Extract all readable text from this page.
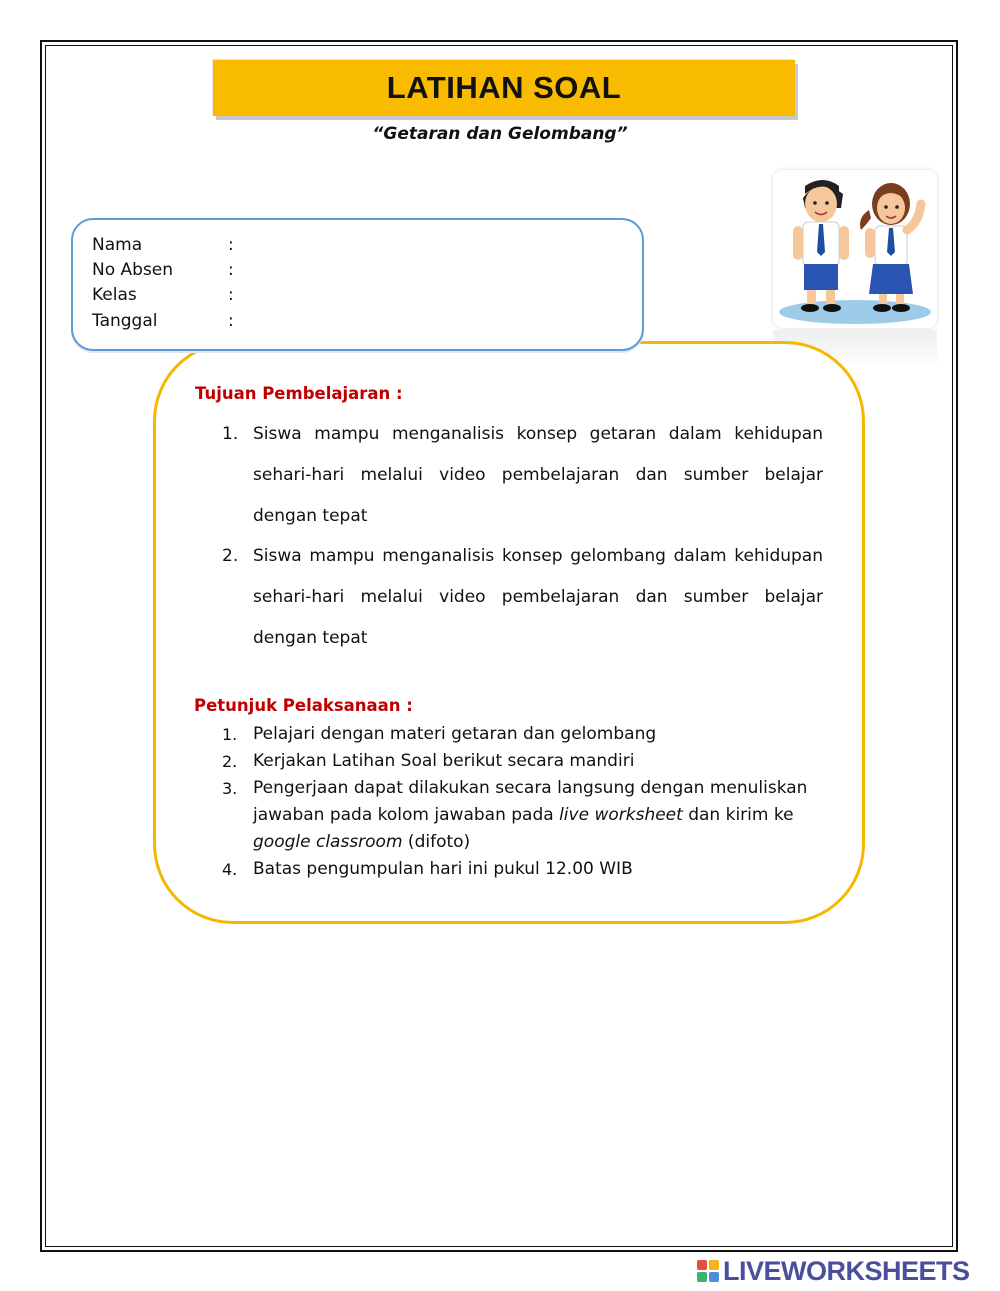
LATIHAN SOAL
“Getaran dan Gelombang”
Nama	:
No Absen	:
Kelas	:
Tanggal	:
Tujuan Pembelajaran :
1. Siswa mampu menganalisis konsep getaran dalam kehidupan sehari-hari melalui video pembelajaran dan sumber belajar dengan tepat
2. Siswa mampu menganalisis konsep gelombang dalam kehidupan sehari-hari melalui video pembelajaran dan sumber belajar dengan tepat
Petunjuk Pelaksanaan :
1. Pelajari dengan materi getaran dan gelombang
2. Kerjakan Latihan Soal berikut secara mandiri
3. Pengerjaan dapat dilakukan secara langsung dengan menuliskan jawaban pada kolom jawaban pada live worksheet dan kirim ke google classroom (difoto)
4. Batas pengumpulan hari ini pukul 12.00 WIB
LIVEWORKSHEETS
